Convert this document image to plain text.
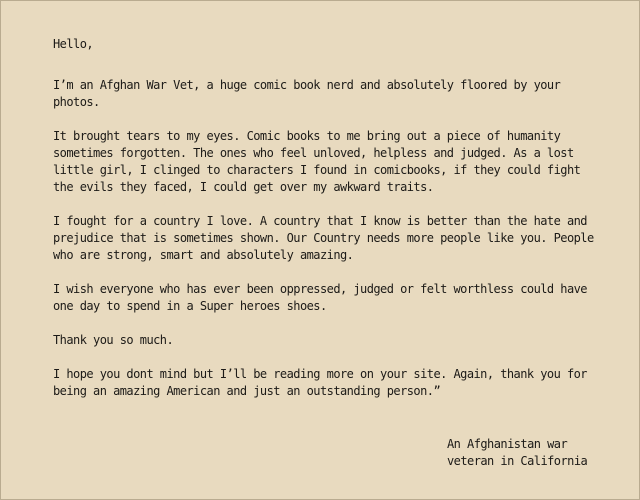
Hello,

I’m an Afghan War Vet, a huge comic book nerd and absolutely floored by your photos.

It brought tears to my eyes. Comic books to me bring out a piece of humanity sometimes forgotten. The ones who feel unloved, helpless and judged. As a lost little girl, I clinged to characters I found in comicbooks, if they could fight the evils they faced, I could get over my awkward traits.

I fought for a country I love. A country that I know is better than the hate and prejudice that is sometimes shown. Our Country needs more people like you. People who are strong, smart and absolutely amazing.

I wish everyone who has ever been oppressed, judged or felt worthless could have one day to spend in a Super heroes shoes.

Thank you so much.

I hope you dont mind but I’ll be reading more on your site. Again, thank you for being an amazing American and just an outstanding person.”

An Afghanistan war
veteran in California
